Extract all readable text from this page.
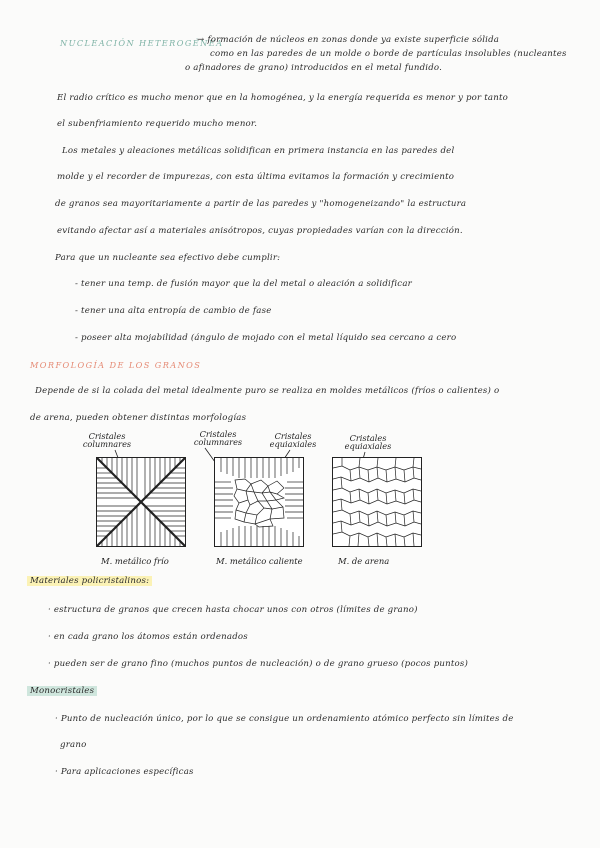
NUCLEACIÓN HETEROGÉNEA
→ formación de núcleos en zonas donde ya existe superficie sólida
como en las paredes de un molde o borde de partículas insolubles (nucleantes
o afinadores de grano) introducidos en el metal fundido.
El radio crítico es mucho menor que en la homogénea, y la energía requerida es menor y por tanto
el subenfriamiento requerido mucho menor.
Los metales y aleaciones metálicas solidifican en primera instancia en las paredes del
molde y el recorder de impurezas, con esta última evitamos la formación y crecimiento
de granos sea mayoritariamente a partir de las paredes y "homogeneizando" la estructura
evitando afectar así a materiales anisótropos, cuyas propiedades varían con la dirección.
Para que un nucleante sea efectivo debe cumplir:
- tener una temp. de fusión mayor que la del metal o aleación a solidificar
- tener una alta entropía de cambio de fase
- poseer alta mojabilidad (ángulo de mojado con el metal líquido sea cercano a cero
MORFOLOGÍA DE LOS GRANOS
Depende de si la colada del metal idealmente puro se realiza en moldes metálicos (fríos o calientes) o
de arena, pueden obtener distintas morfologías
Cristales columnares
Cristales columnares
Cristales equiaxiales
Cristales equiaxiales
M. metálico frío	M. metálico caliente	M. de arena
Materiales policristalinos:
· estructura de granos que crecen hasta chocar unos con otros (límites de grano)
· en cada grano los átomos están ordenados
· pueden ser de grano fino (muchos puntos de nucleación) o de grano grueso (pocos puntos)
Monocristales
· Punto de nucleación único, por lo que se consigue un ordenamiento atómico perfecto sin límites de
grano
· Para aplicaciones específicas
